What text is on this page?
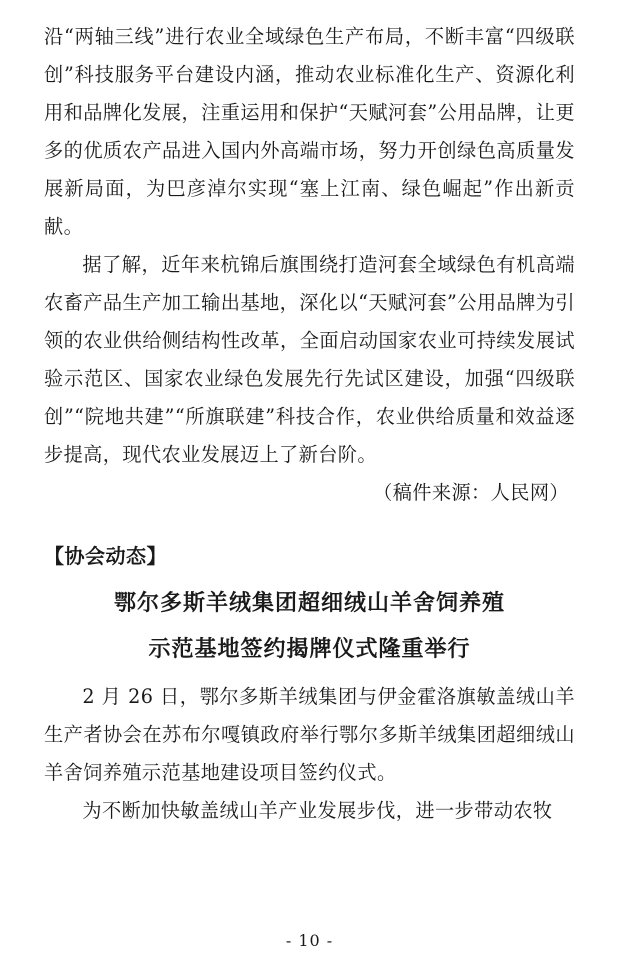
沿“两轴三线”进行农业全域绿色生产布局，不断丰富“四级联创”科技服务平台建设内涵，推动农业标准化生产、资源化利用和品牌化发展，注重运用和保护“天赋河套”公用品牌，让更多的优质农产品进入国内外高端市场，努力开创绿色高质量发展新局面，为巴彦淖尔实现“塞上江南、绿色崛起”作出新贡献。

据了解，近年来杭锦后旗围绕打造河套全域绿色有机高端农畜产品生产加工输出基地，深化以“天赋河套”公用品牌为引领的农业供给侧结构性改革，全面启动国家农业可持续发展试验示范区、国家农业绿色发展先行先试区建设，加强“四级联创”“院地共建”“所旗联建”科技合作，农业供给质量和效益逐步提高，现代农业发展迈上了新台阶。

（稿件来源：人民网）

【协会动态】
鄂尔多斯羊绒集团超细绒山羊舍饲养殖
示范基地签约揭牌仪式隆重举行

2 月 26 日，鄂尔多斯羊绒集团与伊金霍洛旗敏盖绒山羊生产者协会在苏布尔嘎镇政府举行鄂尔多斯羊绒集团超细绒山羊舍饲养殖示范基地建设项目签约仪式。

为不断加快敏盖绒山羊产业发展步伐，进一步带动农牧

- 10 -
